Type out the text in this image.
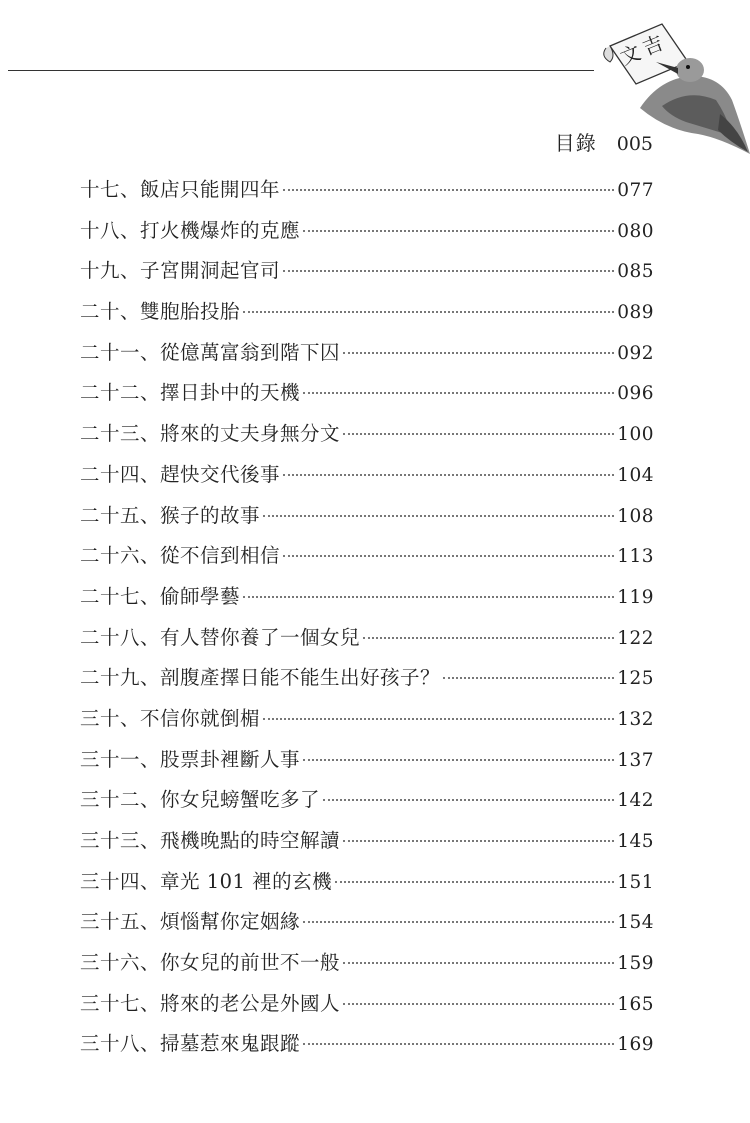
文
吉
目錄 005
十七、飯店只能開四年	077
十八、打火機爆炸的克應	080
十九、子宮開洞起官司	085
二十、雙胞胎投胎	089
二十一、從億萬富翁到階下囚	092
二十二、擇日卦中的天機	096
二十三、將來的丈夫身無分文	100
二十四、趕快交代後事	104
二十五、猴子的故事	108
二十六、從不信到相信	113
二十七、偷師學藝	119
二十八、有人替你養了一個女兒	122
二十九、剖腹產擇日能不能生出好孩子？	125
三十、不信你就倒楣	132
三十一、股票卦裡斷人事	137
三十二、你女兒螃蟹吃多了	142
三十三、飛機晚點的時空解讀	145
三十四、章光 101 裡的玄機	151
三十五、煩惱幫你定姻緣	154
三十六、你女兒的前世不一般	159
三十七、將來的老公是外國人	165
三十八、掃墓惹來鬼跟蹤	169
